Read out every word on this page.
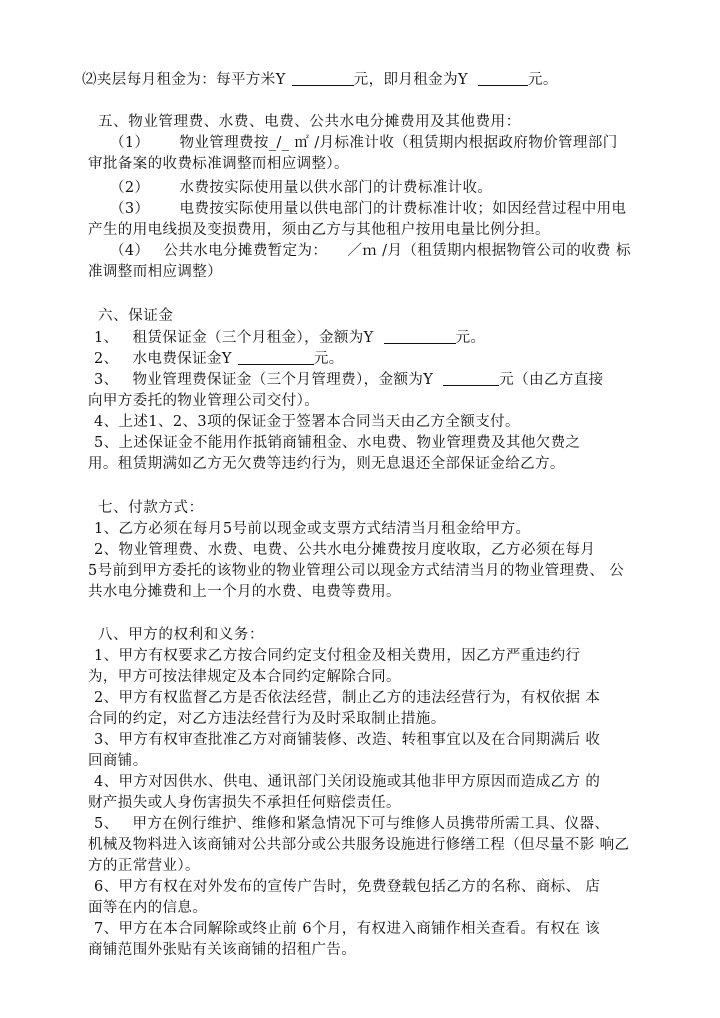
⑵夹层每月租金为：每平方米Y	元，即月租金为Y	元。
五、物业管理费、水费、电费、公共水电分摊费用及其他费用：
（1） 物业管理费按_/_ ㎡ /月标准计收（租赁期内根据政府物价管理部门
审批备案的收费标准调整而相应调整）。
（2） 水费按实际使用量以供水部门的计费标准计收。
（3） 电费按实际使用量以供电部门的计费标准计收；如因经营过程中用电
产生的用电线损及变损费用，须由乙方与其他租户按用电量比例分担。
（4） 公共水电分摊费暂定为： ／ｍ /月（租赁期内根据物管公司的收费 标
准调整而相应调整）
六、保证金
1、 租赁保证金（三个月租金），金额为Y	元。
2、 水电费保证金Y	元。
3、 物业管理费保证金（三个月管理费），金额为Y	元（由乙方直接
向甲方委托的物业管理公司交付）。
4、上述1、2、3项的保证金于签署本合同当天由乙方全额支付。
5、上述保证金不能用作抵销商铺租金、水电费、物业管理费及其他欠费之
用。租赁期满如乙方无欠费等违约行为，则无息退还全部保证金给乙方。
七、付款方式：
1、乙方必须在每月5号前以现金或支票方式结清当月租金给甲方。
2、物业管理费、水费、电费、公共水电分摊费按月度收取，乙方必须在每月
5号前到甲方委托的该物业的物业管理公司以现金方式结清当月的物业管理费、 公
共水电分摊费和上一个月的水费、电费等费用。
八、甲方的权利和义务：
1、甲方有权要求乙方按合同约定支付租金及相关费用，因乙方严重违约行
为，甲方可按法律规定及本合同约定解除合同。
2、甲方有权监督乙方是否依法经营，制止乙方的违法经营行为，有权依据 本
合同的约定，对乙方违法经营行为及时采取制止措施。
3、甲方有权审查批准乙方对商铺装修、改造、转租事宜以及在合同期满后 收
回商铺。
4、甲方对因供水、供电、通讯部门关闭设施或其他非甲方原因而造成乙方 的
财产损失或人身伤害损失不承担任何赔偿责任。
5、 甲方在例行维护、维修和紧急情况下可与维修人员携带所需工具、仪器、
机械及物料进入该商铺对公共部分或公共服务设施进行修缮工程（但尽量不影 响乙
方的正常营业）。
6、甲方有权在对外发布的宣传广告时，免费登载包括乙方的名称、商标、 店
面等在内的信息。
7、甲方在本合同解除或终止前 6个月，有权进入商铺作相关查看。有权在 该
商铺范围外张贴有关该商铺的招租广告。
